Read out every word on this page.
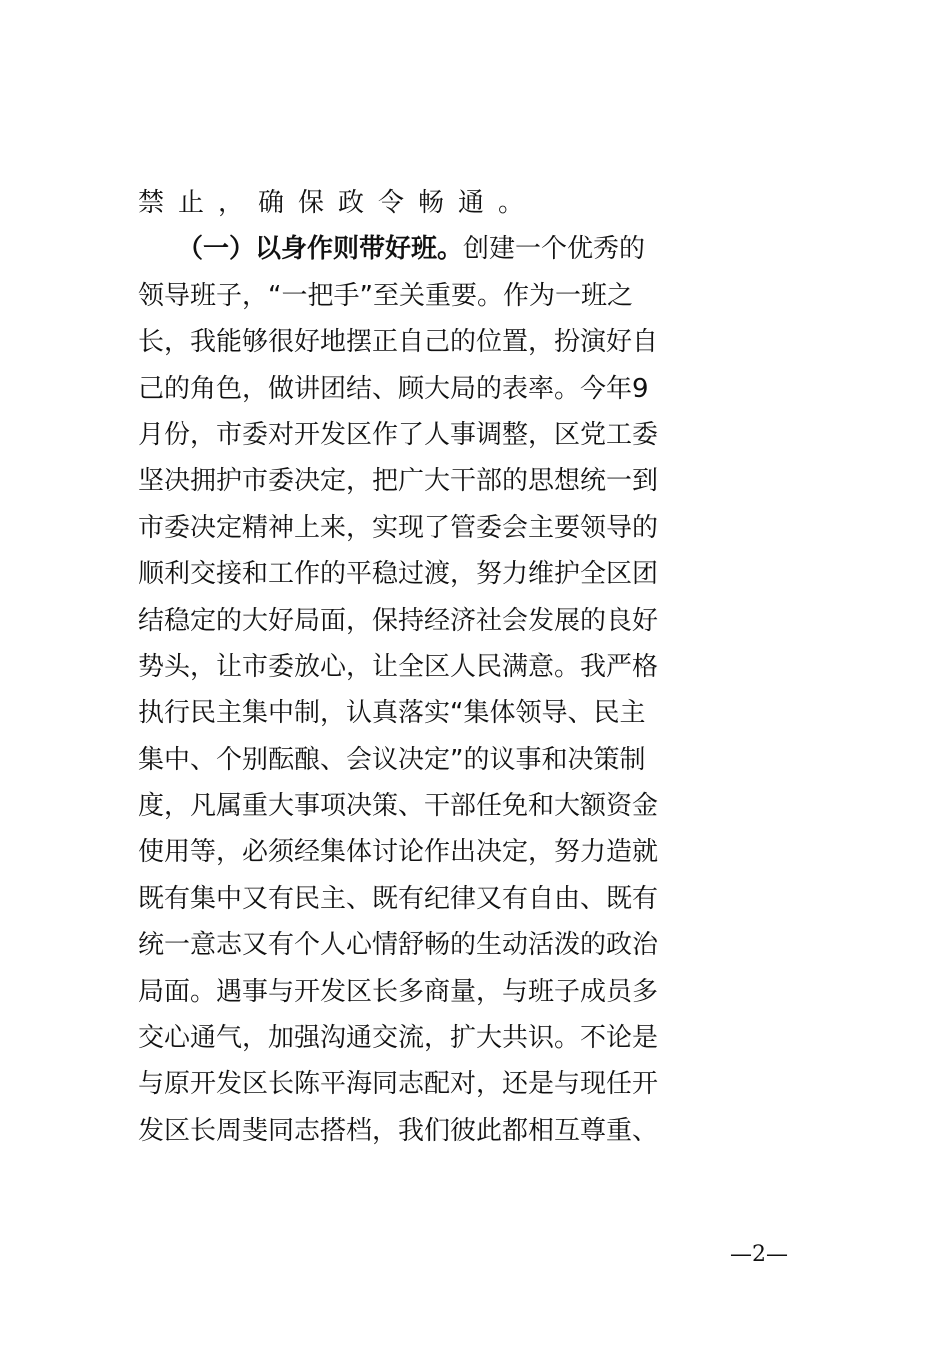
禁止，确保政令畅通。
　　（一）以身作则带好班。创建一个优秀的
领导班子，“一把手”至关重要。作为一班之
长，我能够很好地摆正自己的位置，扮演好自
己的角色，做讲团结、顾大局的表率。今年9
月份，市委对开发区作了人事调整，区党工委
坚决拥护市委决定，把广大干部的思想统一到
市委决定精神上来，实现了管委会主要领导的
顺利交接和工作的平稳过渡，努力维护全区团
结稳定的大好局面，保持经济社会发展的良好
势头，让市委放心，让全区人民满意。我严格
执行民主集中制，认真落实“集体领导、民主
集中、个别酝酿、会议决定”的议事和决策制
度，凡属重大事项决策、干部任免和大额资金
使用等，必须经集体讨论作出决定，努力造就
既有集中又有民主、既有纪律又有自由、既有
统一意志又有个人心情舒畅的生动活泼的政治
局面。遇事与开发区长多商量，与班子成员多
交心通气，加强沟通交流，扩大共识。不论是
与原开发区长陈平海同志配对，还是与现任开
发区长周斐同志搭档，我们彼此都相互尊重、
—2—
